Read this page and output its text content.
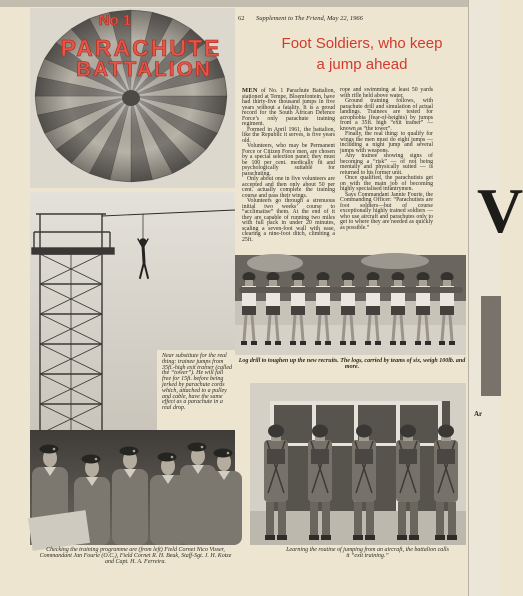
62 Supplement to The Friend, May 22, 1966
No 1
PARACHUTE
BATTALION
Foot Soldiers, who keep
a jump ahead

MEN of No. 1 Parachute Battalion, stationed at Tempe, Bloemfontein, have had thirty-five thousand jumps in five years without a fatality. It is a proud record for the South African Defence Force’s only parachute training regiment.

Formed in April 1961, the battalion, like the Republic it serves, is five years old.

Volunteers, who may be Permanent Force or Citizen Force men, are chosen by a special selection panel; they must be 100 per cent. medically fit and psychologically suitable for parachuting.

Only about one in five volunteers are accepted and then only about 50 per cent. actually complete the training course and pass their wings.

Volunteers go through a strenuous initial two weeks’ course to “acclimatise” them. At the end of it they are capable of running two miles with full pack in under 20 minutes, scaling a seven-foot wall with ease, clearing a nine-foot ditch, climbing a 25ft.

rope and swimming at least 50 yards with rifle held above water.

Ground training follows, with parachute drill and simulation of actual landings. Trainees are tested for acrophobia (fear-of-heights) by jumps from a 35ft. high “exit trainer” — known as “the tower”.

Finally, the real thing: to qualify for wings the men must do eight jumps — including a night jump and several jumps with weapons.

Any trainee showing signs of becoming a “risk” — of not being mentally and physically suited — is returned to his former unit.

Once qualified, the parachutists get on with the main job of becoming highly specialised infantrymen.

Says Commandant Jannie Fourie, the Commanding Officer: “Parachutists are foot soldiers—but of course exceptionally highly trained soldiers — who use aircraft and parachutes only to get to where they are needed as quickly as possible.”

Near substitute for the real thing: trainee jumps from 35ft.-high exit trainer (called the “tower”). He will fall free for 15ft. before being jerked by parachute cords which, attached to a pulley and cable, have the same effect as a parachute in a real drop.
Log drill to toughen up the new recruits. The logs, carried by teams of six, weigh 100lb. and more.
Checking the training programme are (from left) Field Cornet Nico Visser, Commandant Jan Fourie (O.C.), Field Cornet R. H. Beuk, Staff-Sgt. J. H. Kotze and Capt. H. A. Ferreira.
Learning the routine of jumping from an aircraft, the battalion calls it “exit training.”
V
Ar
